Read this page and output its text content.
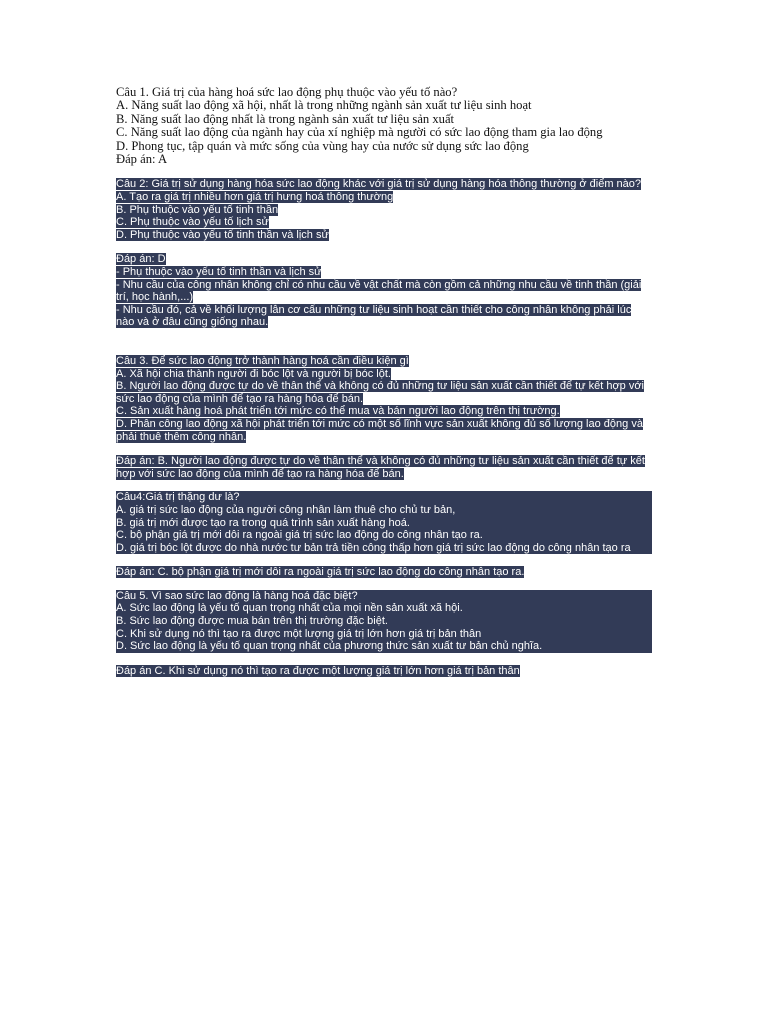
Câu 1. Giá trị của hàng hoá sức lao động phụ thuộc vào yếu tố nào?
A. Năng suất lao động xã hội, nhất là trong những ngành sản xuất tư liệu sinh hoạt
B. Năng suất lao động nhất là trong ngành sản xuất tư liệu sản xuất
C. Năng suất lao động của ngành hay của xí nghiệp mà người có sức lao động tham gia lao động
D. Phong tục, tập quán và mức sống của vùng hay của nước sử dụng sức lao động
Đáp án: A
Câu 2: Giá trị sử dụng hàng hóa sức lao động khác với giá trị sử dụng hàng hóa thông thường ở điểm nào?
A. Tạo ra giá trị nhiều hơn giá trị hưng hoá thông thường
B. Phụ thuộc vào yếu tố tinh thần
C. Phụ thuộc vào yếu tố lịch sử
D. Phụ thuộc vào yếu tố tinh thần và lịch sử
Đáp án: D
- Phụ thuộc vào yếu tố tinh thần và lịch sử
- Nhu cầu của công nhân không chỉ có nhu cầu về vật chất mà còn gồm cả những nhu cầu về tinh thần (giải trí, học hành,...)
- Nhu cầu đó, cả về khối lượng lẫn cơ cấu những tư liệu sinh hoạt cần thiết cho công nhân không phải lúc nào và ở đâu cũng giống nhau.
Câu 3. Để sức lao động trở thành hàng hoá cần điều kiện gì
A. Xã hội chia thành người đi bóc lột và người bị bóc lột.
B. Người lao động được tự do về thân thể và không có đủ những tư liệu sản xuất cần thiết để tự kết hợp với sức lao động của mình để tạo ra hàng hóa để bán.
C. Sản xuất hàng hoá phát triển tới mức có thể mua và bán người lao động trên thị trường.
D. Phân công lao động xã hội phát triển tới mức có một số lĩnh vực sản xuất không đủ số lượng lao động và phải thuê thêm công nhân.
Đáp án: B. Người lao động được tự do về thân thể và không có đủ những tư liệu sản xuất cần thiết để tự kết hợp với sức lao động của mình để tạo ra hàng hóa để bán.
Câu4:Giá trị thặng dư là?
A. giá trị sức lao động của người công nhân làm thuê cho chủ tư bản,
B. giá trị mới được tạo ra trong quá trình sản xuất hàng hoá.
C. bộ phận giá trị mới dôi ra ngoài giá trị sức lao động do công nhân tạo ra.
D. giá trị bóc lột được do nhà nước tư bản trả tiền công thấp hơn giá trị sức lao động do công nhân tạo ra
Đáp án: C. bộ phận giá trị mới dôi ra ngoài giá trị sức lao động do công nhân tạo ra.
Câu 5. Vì sao sức lao động là hàng hoá đặc biệt?
A. Sức lao động là yếu tố quan trọng nhất của mọi nền sản xuất xã hội.
B. Sức lao động được mua bán trên thị trường đặc biệt.
C. Khi sử dụng nó thì tạo ra được một lượng giá trị lớn hơn giá trị bản thân
D. Sức lao động là yếu tố quan trọng nhất của phương thức sản xuất tư bản chủ nghĩa.
Đáp án C. Khi sử dụng nó thì tạo ra được một lượng giá trị lớn hơn giá trị bản thân
